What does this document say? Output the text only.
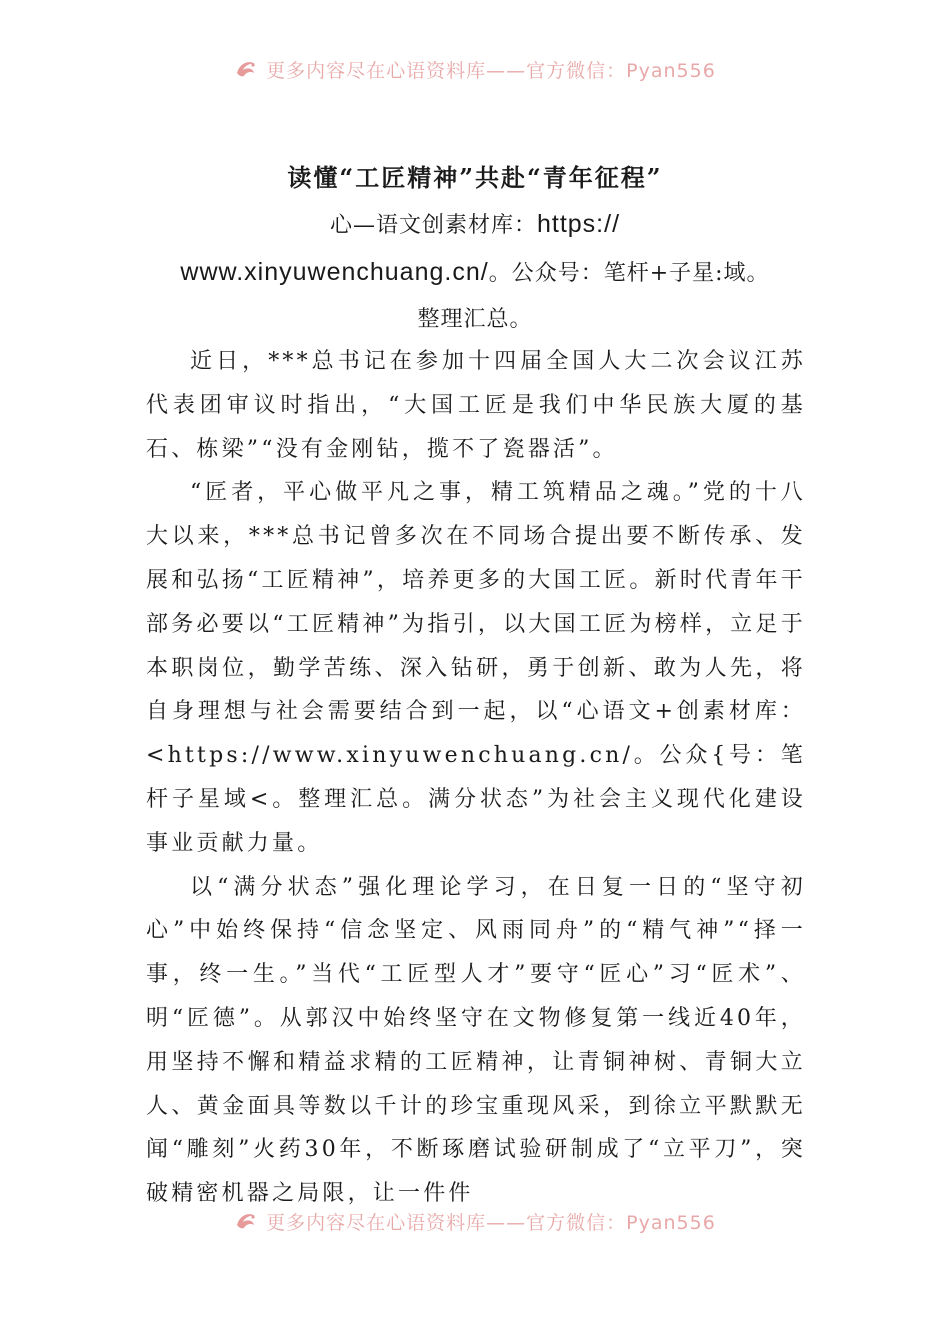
更多内容尽在心语资料库——官方微信：Pyan556
读懂“工匠精神”共赴“青年征程”
心—语文创素材库：https://
www.xinyuwenchuang.cn/。公众号：笔杆+子星:域。
整理汇总。

近日，***总书记在参加十四届全国人大二次会议江苏代表团审议时指出，“大国工匠是我们中华民族大厦的基石、栋梁”“没有金刚钻，揽不了瓷器活”。

“匠者，平心做平凡之事，精工筑精品之魂。”党的十八大以来，***总书记曾多次在不同场合提出要不断传承、发展和弘扬“工匠精神”，培养更多的大国工匠。新时代青年干部务必要以“工匠精神”为指引，以大国工匠为榜样，立足于本职岗位，勤学苦练、深入钻研，勇于创新、敢为人先，将自身理想与社会需要结合到一起，以“心语文+创素材库：<https://www.xinyuwenchuang.cn/。公众{号：笔杆子星域<。整理汇总。满分状态”为社会主义现代化建设事业贡献力量。

以“满分状态”强化理论学习，在日复一日的“坚守初心”中始终保持“信念坚定、风雨同舟”的“精气神”“择一事，终一生。”当代“工匠型人才”要守“匠心”习“匠术”、明“匠德”。从郭汉中始终坚守在文物修复第一线近40年，用坚持不懈和精益求精的工匠精神，让青铜神树、青铜大立人、黄金面具等数以千计的珍宝重现风采，到徐立平默默无闻“雕刻”火药30年，不断琢磨试验研制成了“立平刀”，突破精密机器之局限，让一件件

更多内容尽在心语资料库——官方微信：Pyan556
